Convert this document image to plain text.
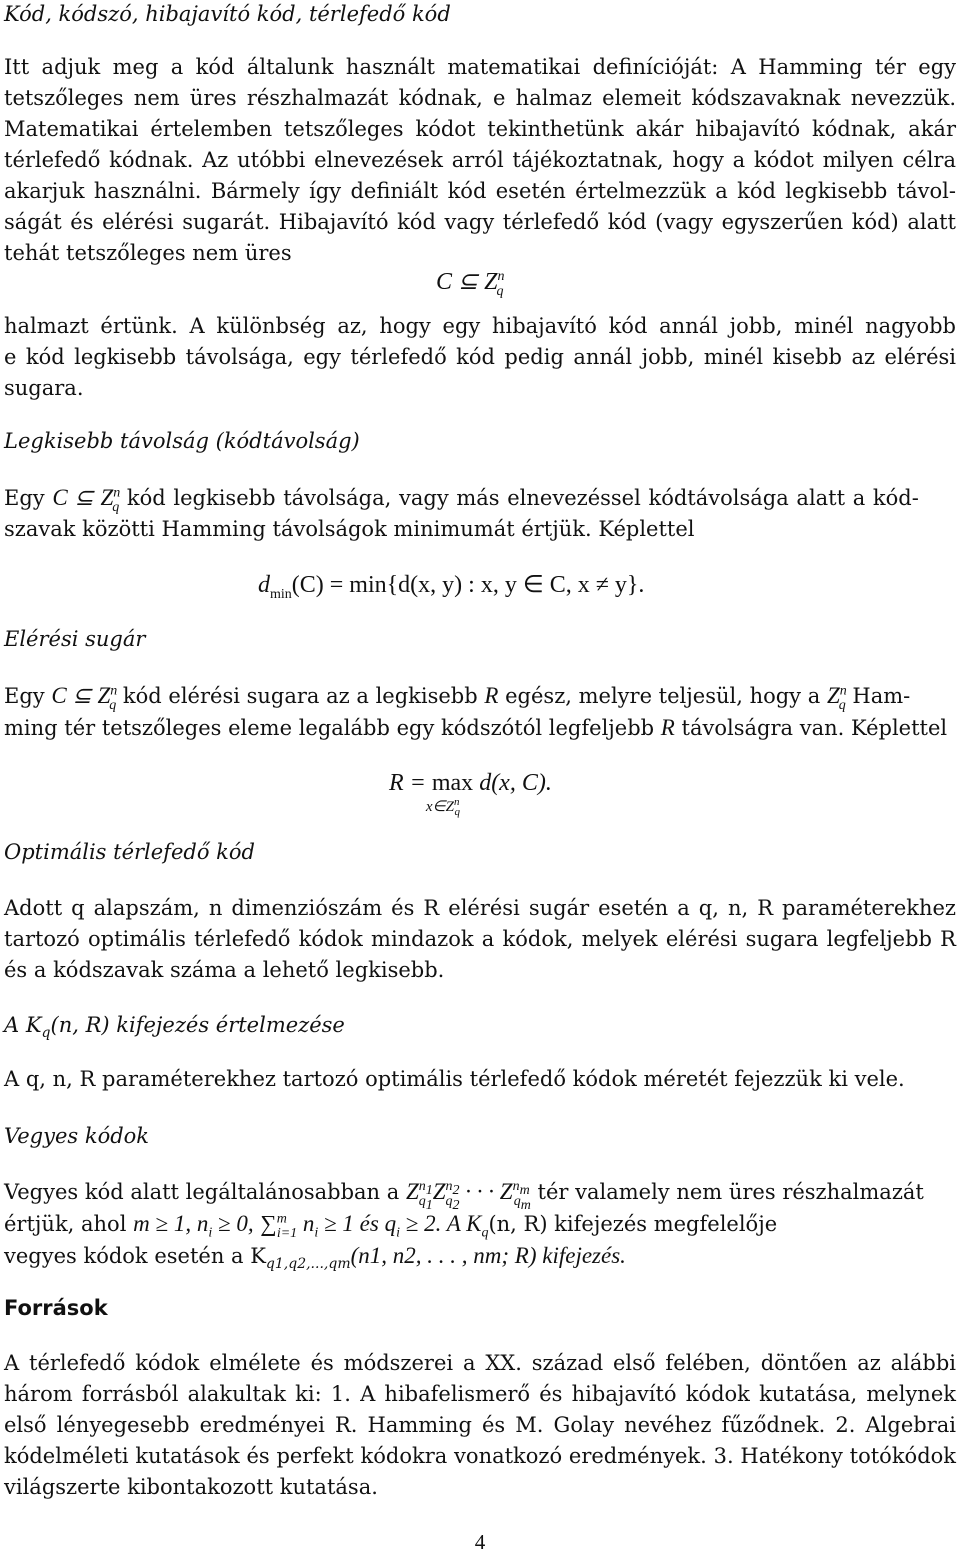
Kód, kódszó, hibajavító kód, térlefedő kód
Itt adjuk meg a kód általunk használt matematikai definícióját: A Hamming tér egy
tetszőleges nem üres részhalmazát kódnak, e halmaz elemeit kódszavaknak nevezzük.
Matematikai értelemben tetszőleges kódot tekinthetünk akár hibajavító kódnak, akár
térlefedő kódnak. Az utóbbi elnevezések arról tájékoztatnak, hogy a kódot milyen célra
akarjuk használni. Bármely így definiált kód esetén értelmezzük a kód legkisebb távol-
ságát és elérési sugarát. Hibajavító kód vagy térlefedő kód (vagy egyszerűen kód) alatt
tehát tetszőleges nem üres
C ⊆ $Z^n_q$
halmazt értünk. A különbség az, hogy egy hibajavító kód annál jobb, minél nagyobb
e kód legkisebb távolsága, egy térlefedő kód pedig annál jobb, minél kisebb az elérési
sugara.
Legkisebb távolság (kódtávolság)
Egy C ⊆ $Z^n_q$ kód legkisebb távolsága, vagy más elnevezéssel kódtávolsága alatt a kód-
szavak közötti Hamming távolságok minimumát értjük. Képlettel
$d_{min}(C) = \min\{d(x$, y) : x, y ∈ C, x ≠ y}.
Elérési sugár
Egy C ⊆ $Z^n_q$ kód elérési sugara az a legkisebb R egész, melyre teljesül, hogy a $Z^n_q$ Ham-
ming tér tetszőleges eleme legalább egy kódszótól legfeljebb R távolságra van. Képlettel
R = max
$x\in Z^n_q$
d(x, C).
Optimális térlefedő kód
Adott q alapszám, n dimenziószám és R elérési sugár esetén a q, n, R paraméterekhez
tartozó optimális térlefedő kódok mindazok a kódok, melyek elérési sugara legfeljebb R
és a kódszavak száma a lehető legkisebb.
A $K_q(n$, R) kifejezés értelmezése
A q, n, R paraméterekhez tartozó optimális térlefedő kódok méretét fejezzük ki vele.
Vegyes kódok
Vegyes kód alatt legáltalánosabban a $Z^{n_1}_{q_1}Z^{n_2}_{q_2}$ · · · $Z^{n_m}_{q_m}$ tér valamely nem üres részhalmazát
értjük, ahol m ≥ 1, $n_i \ge 0$, ∑$^m_{i=1}$ $n_i \ge 1$ és $q_i \ge 2$. A $K_q(n$, R) kifejezés megfelelője
vegyes kódok esetén a $K_{q1,q2,...,qm}(n1$, n2, . . . , nm; R) kifejezés.
Források
A térlefedő kódok elmélete és módszerei a XX. század első felében, döntően az alábbi
három forrásból alakultak ki: 1. A hibafelismerő és hibajavító kódok kutatása, melynek
első lényegesebb eredményei R. Hamming és M. Golay nevéhez fűződnek. 2. Algebrai
kódelméleti kutatások és perfekt kódokra vonatkozó eredmények. 3. Hatékony totókódok
világszerte kibontakozott kutatása.
4
